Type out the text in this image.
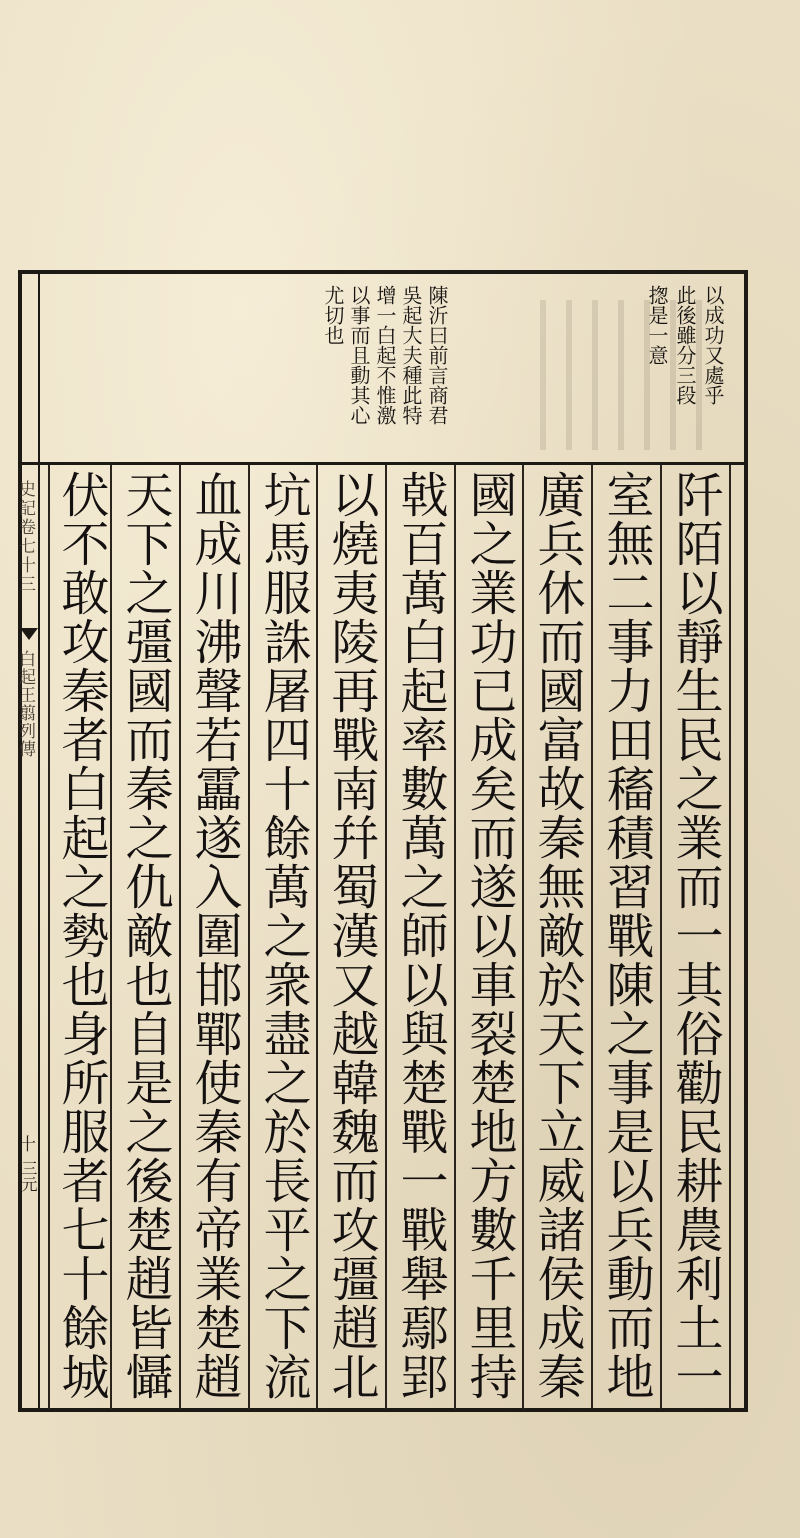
史記卷七十三
白起王翦列傳
十
三元
以成功又處乎
此後雖分三段
揔是一意
陳沂曰前言商君
吳起大夫種此特
增一白起不惟激
以事而且動其心
尤切也
阡陌以靜生民之業而一其俗勸民耕農利土一
室無二事力田稸積習戰陳之事是以兵動而地
廣兵休而國富故秦無敵於天下立威諸侯成秦
國之業功已成矣而遂以車裂楚地方數千里持
戟百萬白起率數萬之師以與楚戰一戰舉鄢郢
以燒夷陵再戰南幷蜀漢又越韓魏而攻彊趙北
坑馬服誅屠四十餘萬之衆盡之於長平之下流
血成川沸聲若靁遂入圍邯鄲使秦有帝業楚趙
天下之彊國而秦之仇敵也自是之後楚趙皆懾
伏不敢攻秦者白起之勢也身所服者七十餘城
